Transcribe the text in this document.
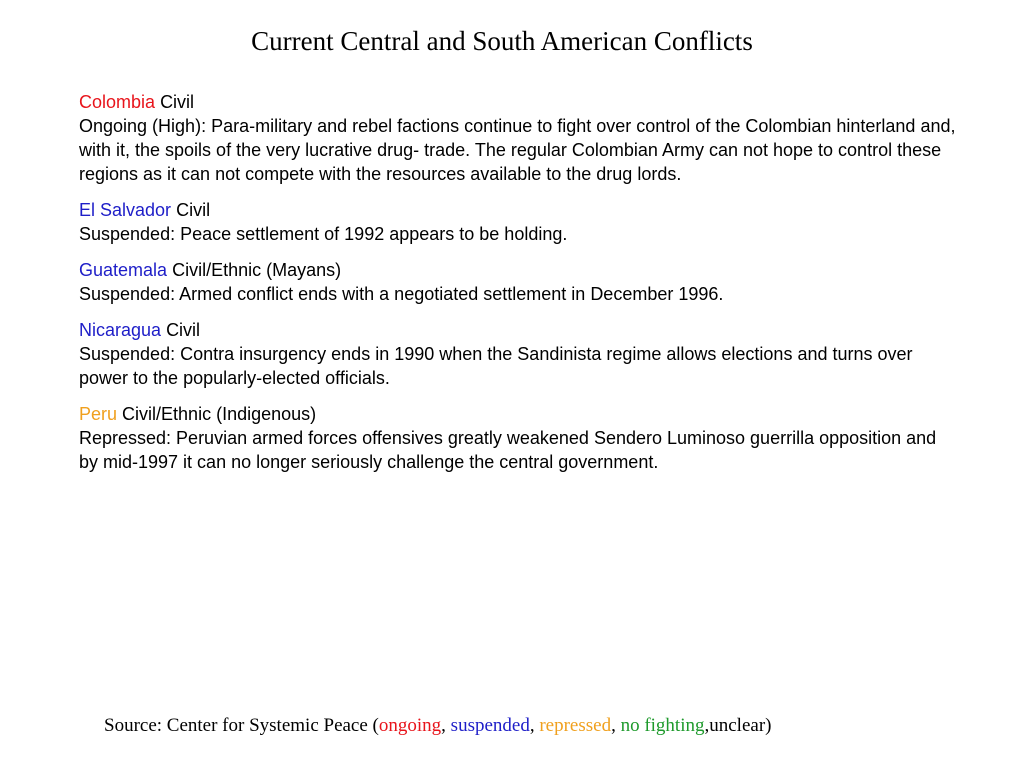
Current Central and South American Conflicts
Colombia Civil
Ongoing (High): Para-military and rebel factions continue to fight over control of the Colombian hinterland and, with it, the spoils of the very lucrative drug- trade. The regular Colombian Army can not hope to control these regions as it can not compete with the resources available to the drug lords.
El Salvador Civil
Suspended: Peace settlement of 1992 appears to be holding.
Guatemala Civil/Ethnic (Mayans)
Suspended: Armed conflict ends with a negotiated settlement in December 1996.
Nicaragua Civil
Suspended: Contra insurgency ends in 1990 when the Sandinista regime allows elections and turns over power to the popularly-elected officials.
Peru Civil/Ethnic (Indigenous)
Repressed: Peruvian armed forces offensives greatly weakened Sendero Luminoso guerrilla opposition and by mid-1997 it can no longer seriously challenge the central government.
Source: Center for Systemic Peace (ongoing, suspended, repressed, no fighting,unclear)
